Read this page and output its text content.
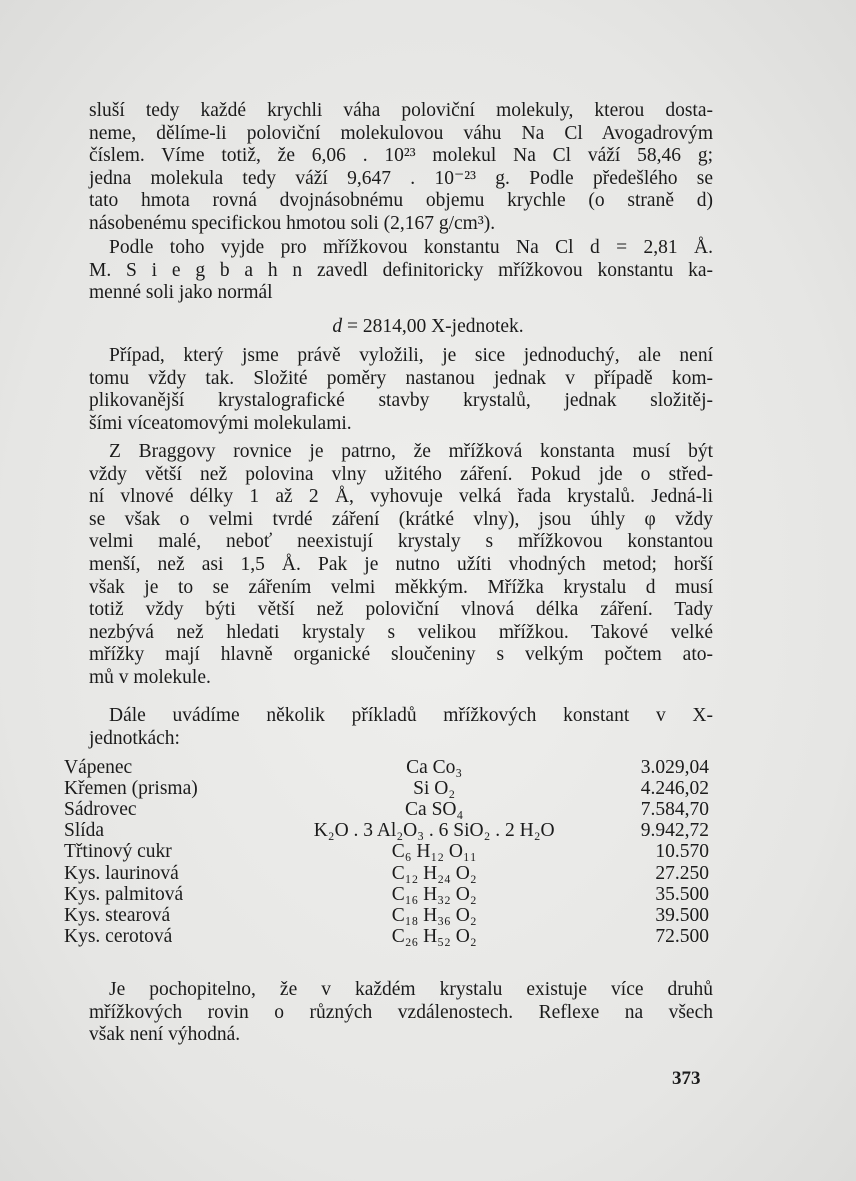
sluší tedy každé krychli váha poloviční molekuly, kterou dosta-
neme, dělíme-li poloviční molekulovou váhu Na Cl Avogadrovým
číslem. Víme totiž, že 6,06 . 10²³ molekul Na Cl váží 58,46 g;
jedna molekula tedy váží 9,647 . 10⁻²³ g. Podle předešlého se
tato hmota rovná dvojnásobnému objemu krychle (o straně d)
násobenému specifickou hmotou soli (2,167 g/cm³).
Podle toho vyjde pro mřížkovou konstantu Na Cl d = 2,81 Å.
M. S i e g b a h n zavedl definitoricky mřížkovou konstantu ka-
menné soli jako normál
d = 2814,00 X-jednotek.
Případ, který jsme právě vyložili, je sice jednoduchý, ale není
tomu vždy tak. Složité poměry nastanou jednak v případě kom-
plikovanější krystalografické stavby krystalů, jednak složitěj-
šími víceatomovými molekulami.
Z Braggovy rovnice je patrno, že mřížková konstanta musí být
vždy větší než polovina vlny užitého záření. Pokud jde o střed-
ní vlnové délky 1 až 2 Å, vyhovuje velká řada krystalů. Jedná-li
se však o velmi tvrdé záření (krátké vlny), jsou úhly φ vždy
velmi malé, neboť neexistují krystaly s mřížkovou konstantou
menší, než asi 1,5 Å. Pak je nutno užíti vhodných metod; horší
však je to se zářením velmi měkkým. Mřížka krystalu d musí
totiž vždy býti větší než poloviční vlnová délka záření. Tady
nezbývá než hledati krystaly s velikou mřížkou. Takové velké
mřížky mají hlavně organické sloučeniny s velkým počtem ato-
mů v molekule.
Dále uvádíme několik příkladů mřížkových konstant v X-
jednotkách:
Vápenec	Ca Co₃	3.029,04
Křemen (prisma)	Si O₂	4.246,02
Sádrovec	Ca SO₄	7.584,70
Slída	K₂O . 3 Al₂O₃ . 6 SiO₂ . 2 H₂O	9.942,72
Třtinový cukr	C₆ H₁₂ O₁₁	10.570
Kys. laurinová	C₁₂ H₂₄ O₂	27.250
Kys. palmitová	C₁₆ H₃₂ O₂	35.500
Kys. stearová	C₁₈ H₃₆ O₂	39.500
Kys. cerotová	C₂₆ H₅₂ O₂	72.500
Je pochopitelno, že v každém krystalu existuje více druhů
mřížkových rovin o různých vzdálenostech. Reflexe na všech
však není výhodná.
373
